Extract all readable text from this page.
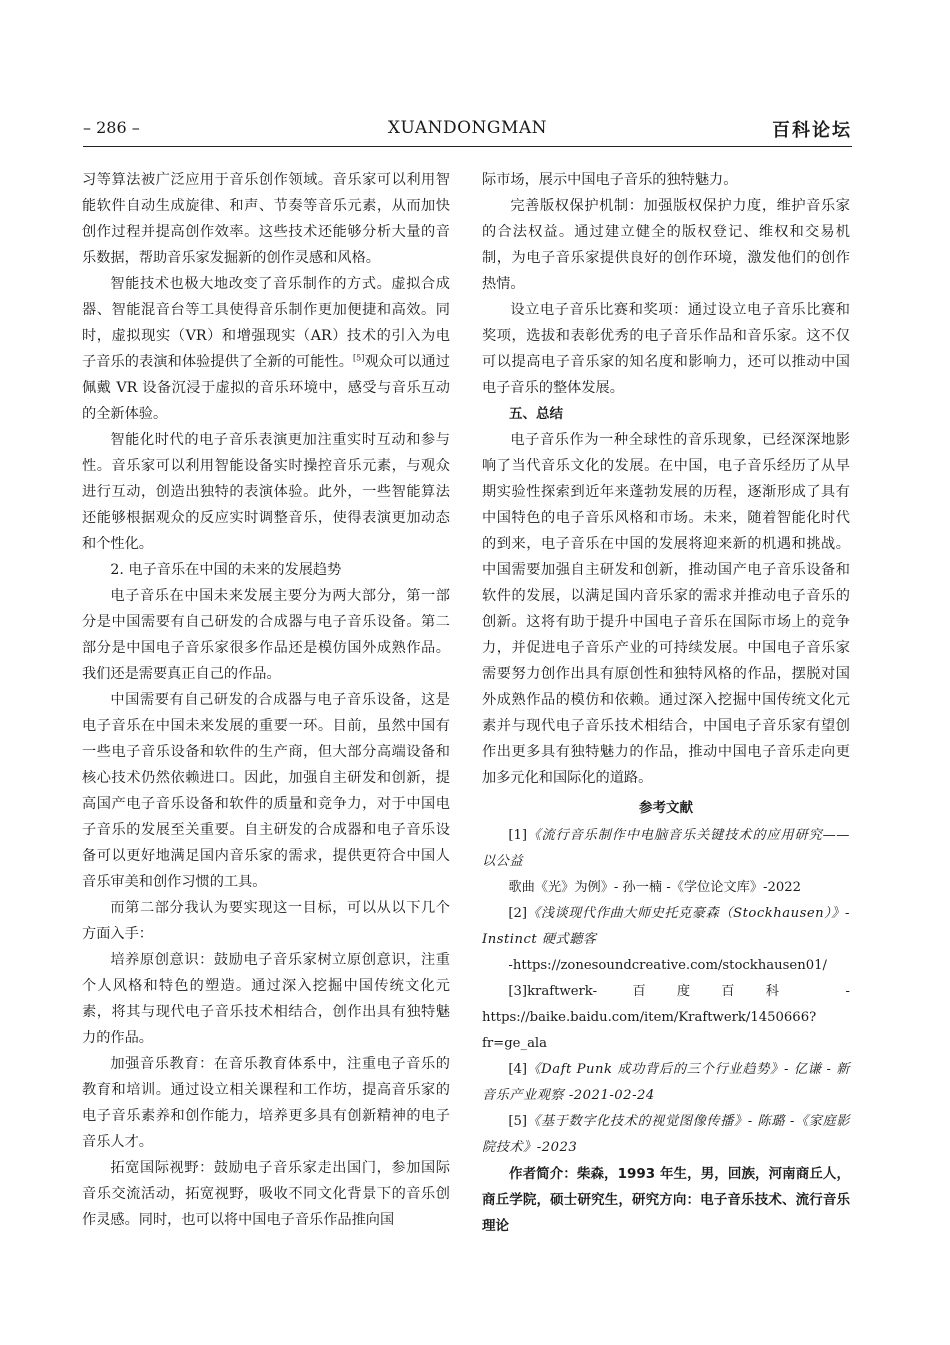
– 286 –	XUANDONGMAN	百科论坛

习等算法被广泛应用于音乐创作领域。音乐家可以利用智能软件自动生成旋律、和声、节奏等音乐元素，从而加快创作过程并提高创作效率。这些技术还能够分析大量的音乐数据，帮助音乐家发掘新的创作灵感和风格。

智能技术也极大地改变了音乐制作的方式。虚拟合成器、智能混音台等工具使得音乐制作更加便捷和高效。同时，虚拟现实（VR）和增强现实（AR）技术的引入为电子音乐的表演和体验提供了全新的可能性。[5]观众可以通过佩戴 VR 设备沉浸于虚拟的音乐环境中，感受与音乐互动的全新体验。

智能化时代的电子音乐表演更加注重实时互动和参与性。音乐家可以利用智能设备实时操控音乐元素，与观众进行互动，创造出独特的表演体验。此外，一些智能算法还能够根据观众的反应实时调整音乐，使得表演更加动态和个性化。

2. 电子音乐在中国的未来的发展趋势

电子音乐在中国未来发展主要分为两大部分，第一部分是中国需要有自己研发的合成器与电子音乐设备。第二部分是中国电子音乐家很多作品还是模仿国外成熟作品。我们还是需要真正自己的作品。

中国需要有自己研发的合成器与电子音乐设备，这是电子音乐在中国未来发展的重要一环。目前，虽然中国有一些电子音乐设备和软件的生产商，但大部分高端设备和核心技术仍然依赖进口。因此，加强自主研发和创新，提高国产电子音乐设备和软件的质量和竞争力，对于中国电子音乐的发展至关重要。自主研发的合成器和电子音乐设备可以更好地满足国内音乐家的需求，提供更符合中国人音乐审美和创作习惯的工具。

而第二部分我认为要实现这一目标，可以从以下几个方面入手：

培养原创意识：鼓励电子音乐家树立原创意识，注重个人风格和特色的塑造。通过深入挖掘中国传统文化元素，将其与现代电子音乐技术相结合，创作出具有独特魅力的作品。

加强音乐教育：在音乐教育体系中，注重电子音乐的教育和培训。通过设立相关课程和工作坊，提高音乐家的电子音乐素养和创作能力，培养更多具有创新精神的电子音乐人才。

拓宽国际视野：鼓励电子音乐家走出国门，参加国际音乐交流活动，拓宽视野，吸收不同文化背景下的音乐创作灵感。同时，也可以将中国电子音乐作品推向国

际市场，展示中国电子音乐的独特魅力。

完善版权保护机制：加强版权保护力度，维护音乐家的合法权益。通过建立健全的版权登记、维权和交易机制，为电子音乐家提供良好的创作环境，激发他们的创作热情。

设立电子音乐比赛和奖项：通过设立电子音乐比赛和奖项，选拔和表彰优秀的电子音乐作品和音乐家。这不仅可以提高电子音乐家的知名度和影响力，还可以推动中国电子音乐的整体发展。

五、总结

电子音乐作为一种全球性的音乐现象，已经深深地影响了当代音乐文化的发展。在中国，电子音乐经历了从早期实验性探索到近年来蓬勃发展的历程，逐渐形成了具有中国特色的电子音乐风格和市场。未来，随着智能化时代的到来，电子音乐在中国的发展将迎来新的机遇和挑战。中国需要加强自主研发和创新，推动国产电子音乐设备和软件的发展，以满足国内音乐家的需求并推动电子音乐的创新。这将有助于提升中国电子音乐在国际市场上的竞争力，并促进电子音乐产业的可持续发展。中国电子音乐家需要努力创作出具有原创性和独特风格的作品，摆脱对国外成熟作品的模仿和依赖。通过深入挖掘中国传统文化元素并与现代电子音乐技术相结合，中国电子音乐家有望创作出更多具有独特魅力的作品，推动中国电子音乐走向更加多元化和国际化的道路。

参考文献

[1]《流行音乐制作中电脑音乐关键技术的应用研究——以公益

歌曲《光》为例》- 孙一楠 -《学位论文库》-2022

[2]《浅谈现代作曲大师史托克豪森（Stockhausen）》-Instinct 硬式聽客

-https://zonesoundcreative.com/stockhausen01/

[3]kraftwerk- 百度百科 -https://baike.baidu.com/item/Kraftwerk/1450666?fr=ge_ala

[4]《Daft Punk 成功背后的三个行业趋势》- 亿谦 - 新音乐产业观察 -2021-02-24

[5]《基于数字化技术的视觉图像传播》- 陈璐 -《家庭影院技术》-2023

作者简介：柴森，1993 年生，男，回族，河南商丘人，商丘学院，硕士研究生，研究方向：电子音乐技术、流行音乐理论
